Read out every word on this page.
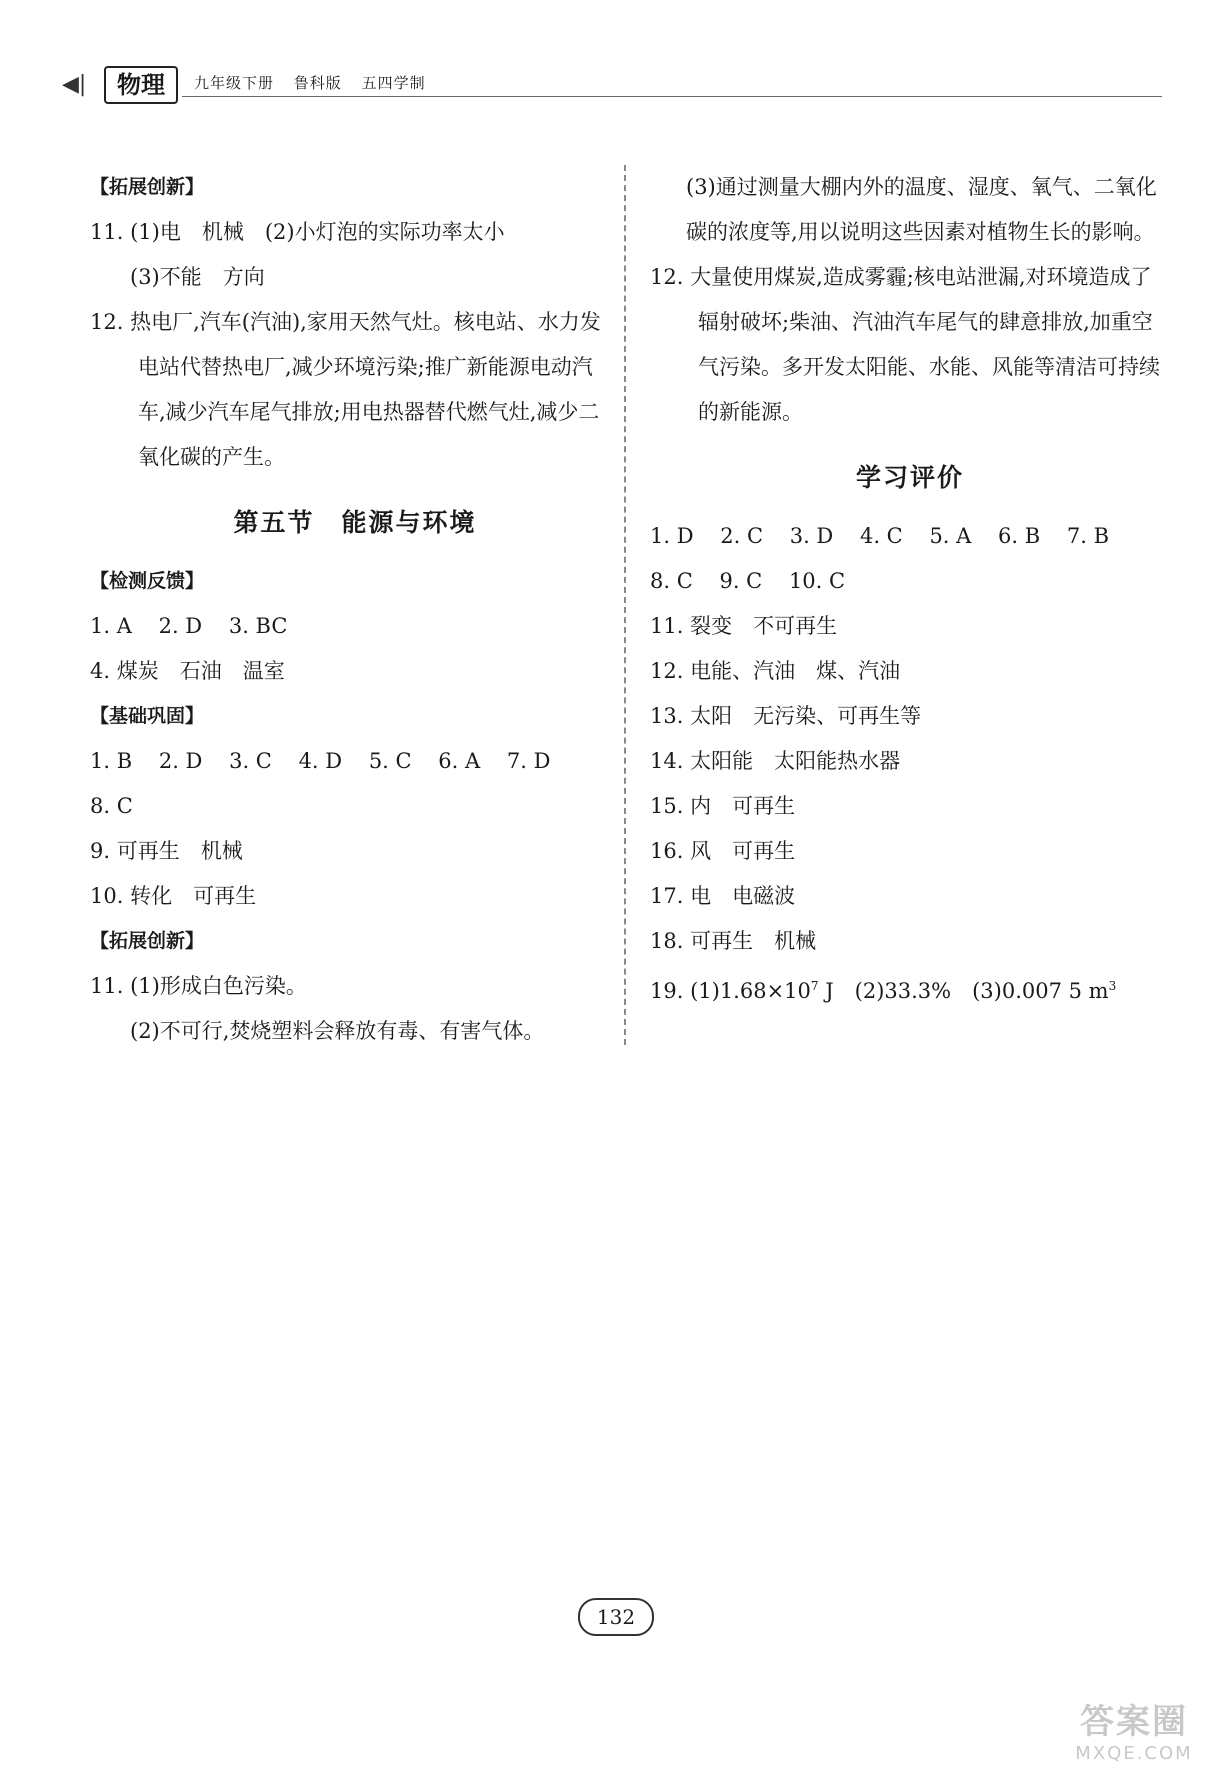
◀|	物理	九年级下册 鲁科版 五四学制
【拓展创新】
11. (1)电　机械　(2)小灯泡的实际功率太小
(3)不能　方向
12. 热电厂,汽车(汽油),家用天然气灶。核电站、水力发电站代替热电厂,减少环境污染;推广新能源电动汽车,减少汽车尾气排放;用电热器替代燃气灶,减少二氧化碳的产生。
第五节　能源与环境
【检测反馈】
1. A 2. D 3. BC
4. 煤炭　石油　温室
【基础巩固】
1. B 2. D 3. C 4. D 5. C 6. A 7. D
8. C
9. 可再生　机械
10. 转化　可再生
【拓展创新】
11. (1)形成白色污染。
(2)不可行,焚烧塑料会释放有毒、有害气体。
(3)通过测量大棚内外的温度、湿度、氧气、二氧化碳的浓度等,用以说明这些因素对植物生长的影响。
12. 大量使用煤炭,造成雾霾;核电站泄漏,对环境造成了辐射破坏;柴油、汽油汽车尾气的肆意排放,加重空气污染。多开发太阳能、水能、风能等清洁可持续的新能源。
学习评价
1. D 2. C 3. D 4. C 5. A 6. B 7. B
8. C 9. C 10. C
11. 裂变　不可再生
12. 电能、汽油　煤、汽油
13. 太阳　无污染、可再生等
14. 太阳能　太阳能热水器
15. 内　可再生
16. 风　可再生
17. 电　电磁波
18. 可再生　机械
19. $(1)1.68\times 10^7$ J　(2)33.3%　(3)0.007 5 $m^3$
132
答案圈
MXQE.COM
